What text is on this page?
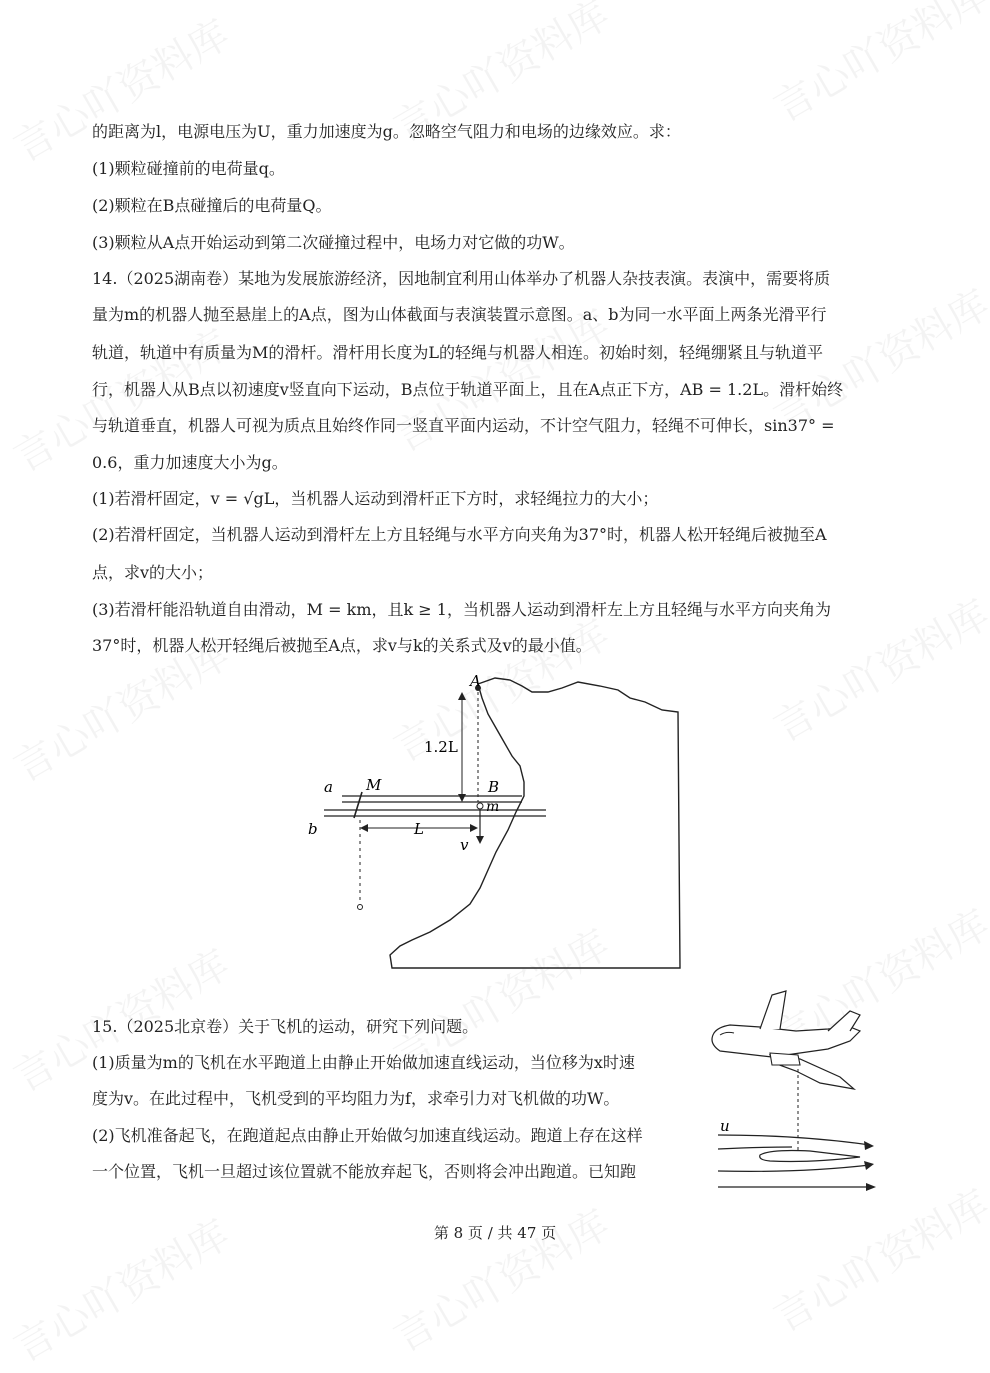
的距离为l，电源电压为U，重力加速度为g。忽略空气阻力和电场的边缘效应。求：
(1)颗粒碰撞前的电荷量q。
(2)颗粒在B点碰撞后的电荷量Q。
(3)颗粒从A点开始运动到第二次碰撞过程中，电场力对它做的功W。
14.（2025湖南卷）某地为发展旅游经济，因地制宜利用山体举办了机器人杂技表演。表演中，需要将质
量为m的机器人抛至悬崖上的A点，图为山体截面与表演装置示意图。a、b为同一水平面上两条光滑平行
轨道，轨道中有质量为M的滑杆。滑杆用长度为L的轻绳与机器人相连。初始时刻，轻绳绷紧且与轨道平
行，机器人从B点以初速度v竖直向下运动，B点位于轨道平面上，且在A点正下方，AB = 1.2L。滑杆始终
与轨道垂直，机器人可视为质点且始终作同一竖直平面内运动，不计空气阻力，轻绳不可伸长，sin37° =
0.6，重力加速度大小为g。
(1)若滑杆固定，v = √gL，当机器人运动到滑杆正下方时，求轻绳拉力的大小；
(2)若滑杆固定，当机器人运动到滑杆左上方且轻绳与水平方向夹角为37°时，机器人松开轻绳后被抛至A
点，求v的大小；
(3)若滑杆能沿轨道自由滑动，M = km，且k ≥ 1，当机器人运动到滑杆左上方且轻绳与水平方向夹角为
37°时，机器人松开轻绳后被抛至A点，求v与k的关系式及v的最小值。
A
1.2L
a
b
M
L
B
m
v
15.（2025北京卷）关于飞机的运动，研究下列问题。
(1)质量为m的飞机在水平跑道上由静止开始做加速直线运动，当位移为x时速
度为v。在此过程中，飞机受到的平均阻力为f，求牵引力对飞机做的功W。
(2)飞机准备起飞，在跑道起点由静止开始做匀加速直线运动。跑道上存在这样
一个位置，飞机一旦超过该位置就不能放弃起飞，否则将会冲出跑道。已知跑
u
第 8 页 / 共 47 页
